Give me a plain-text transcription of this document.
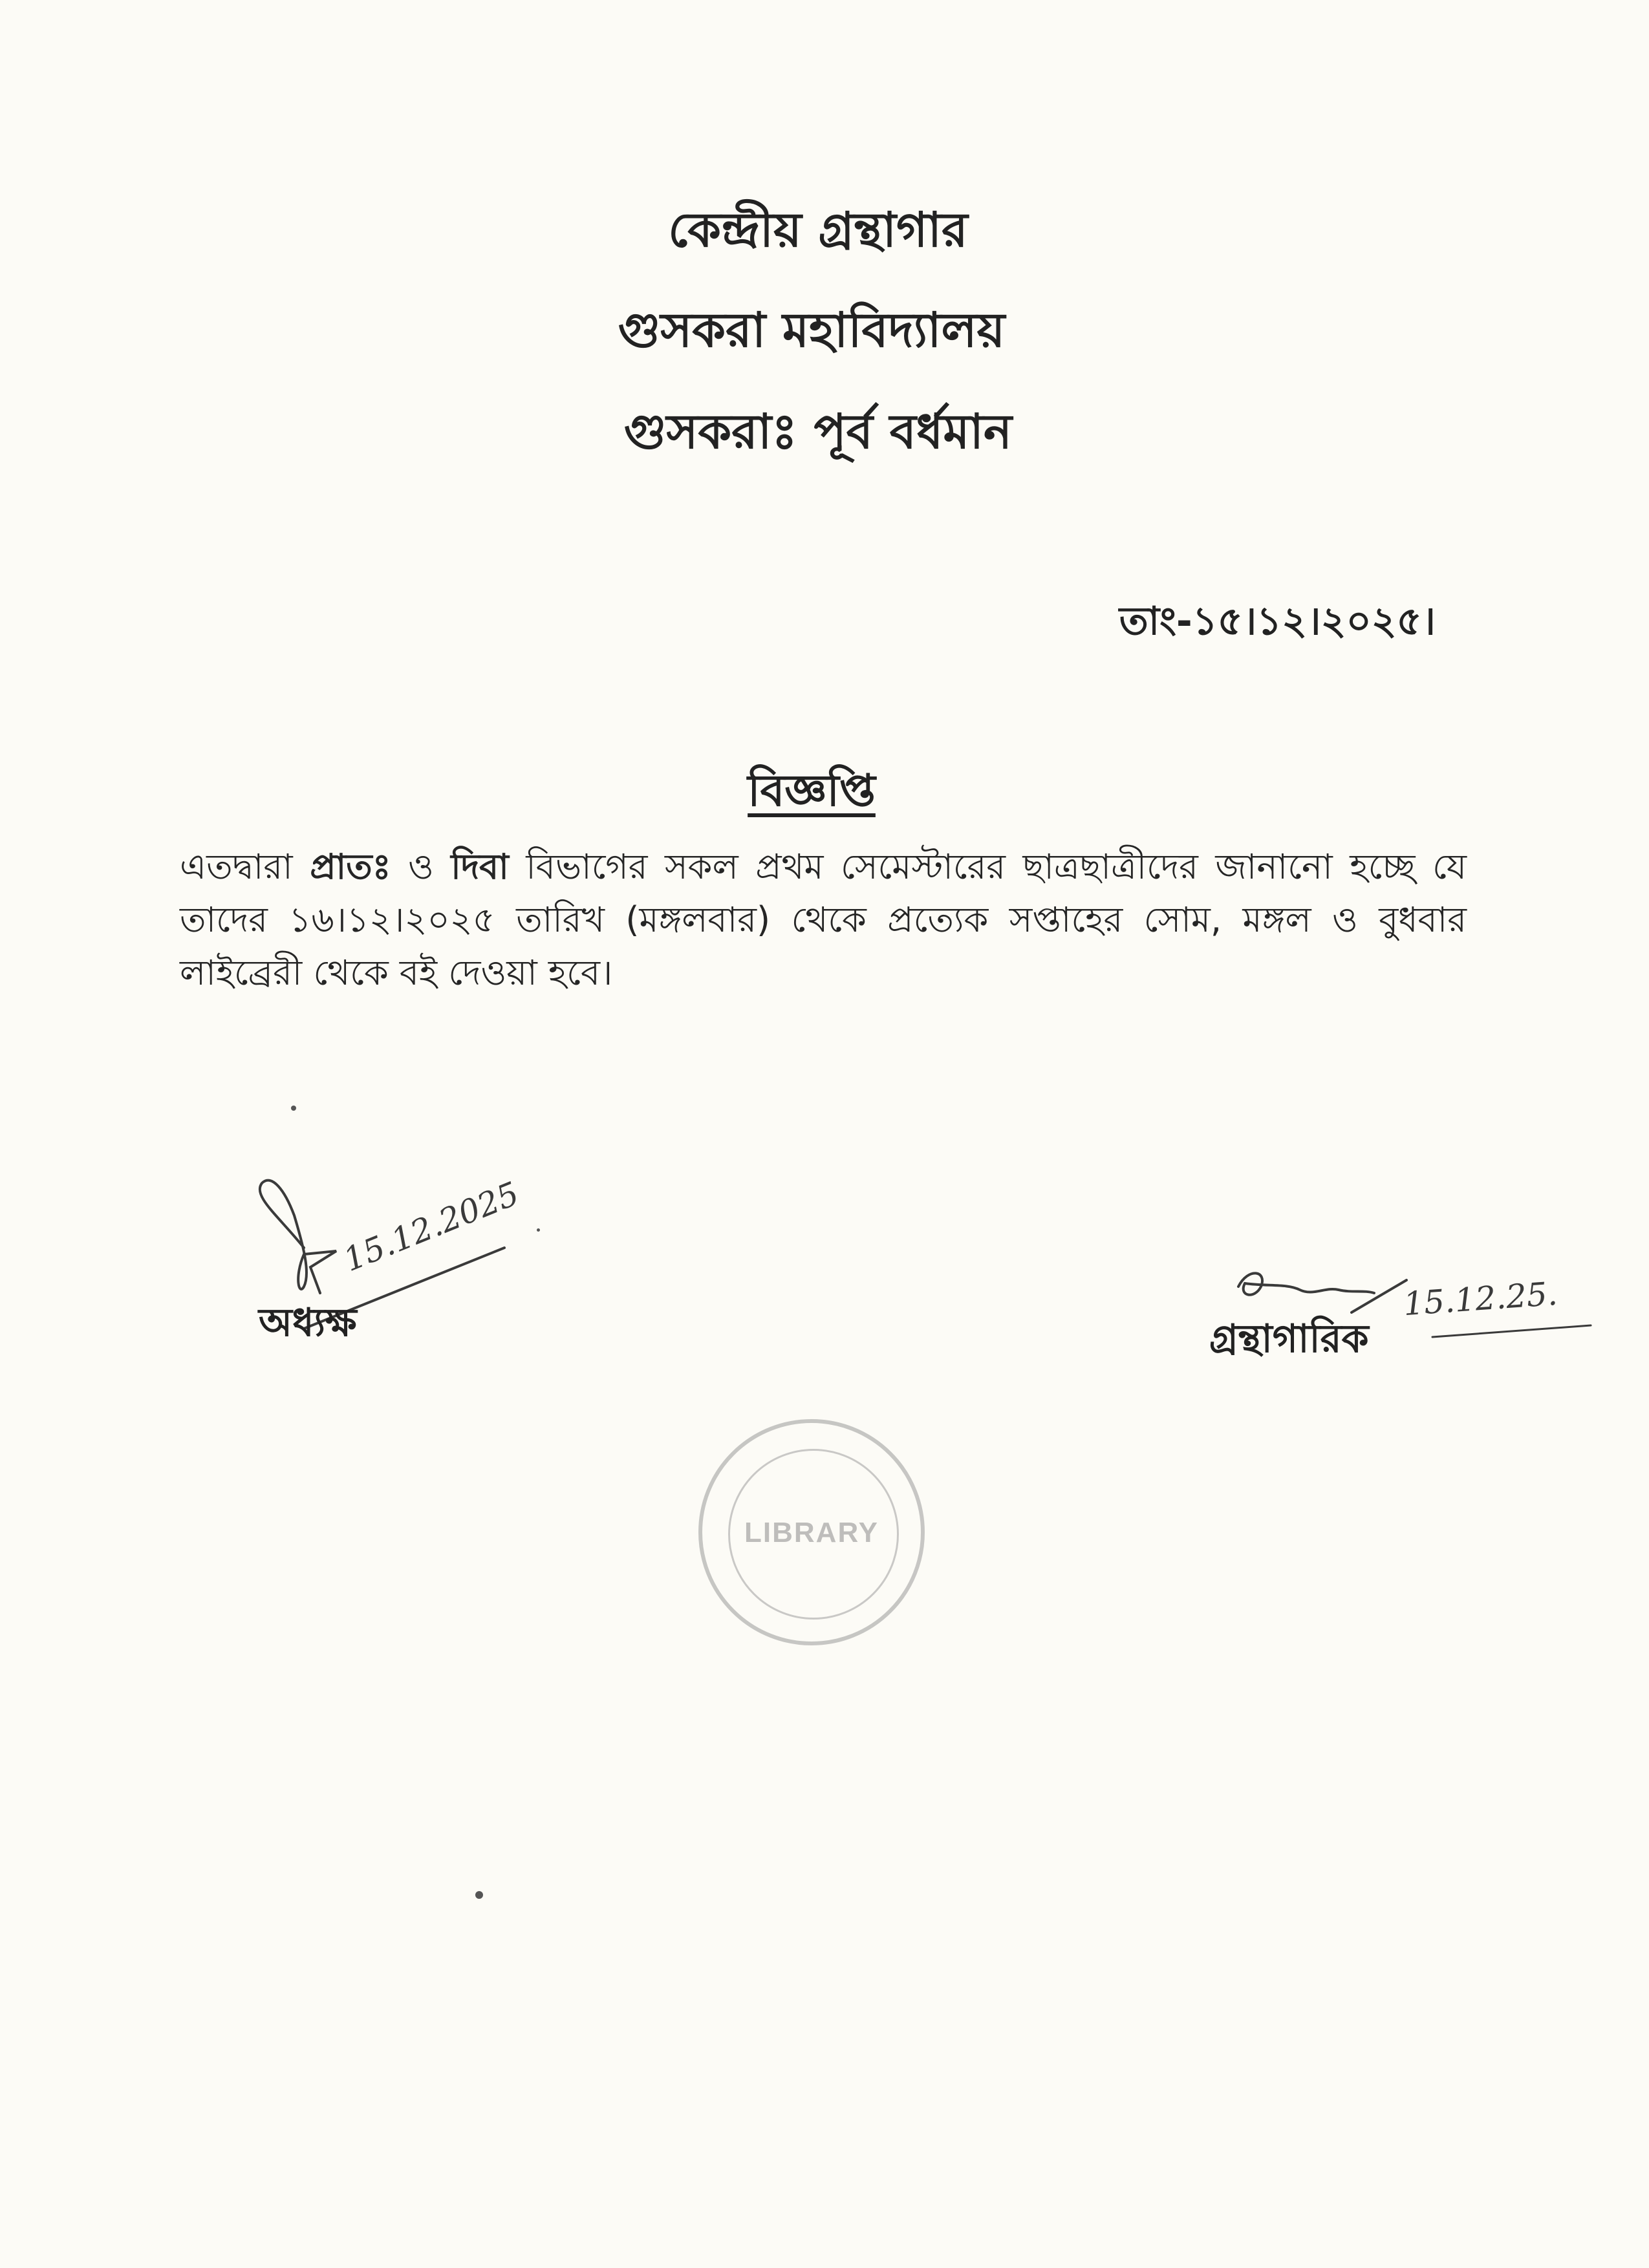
কেন্দ্রীয় গ্রন্থাগার
গুসকরা মহাবিদ্যালয়
গুসকরাঃ পূর্ব বর্ধমান
তাং-১৫।১২।২০২৫।
বিজ্ঞপ্তি
এতদ্বারা প্রাতঃ ও দিবা বিভাগের সকল প্রথম সেমেস্টারের ছাত্রছাত্রীদের জানানো হচ্ছে যে তাদের ১৬।১২।২০২৫ তারিখ (মঙ্গলবার) থেকে প্রত্যেক সপ্তাহের সোম, মঙ্গল ও বুধবার লাইব্রেরী থেকে বই দেওয়া হবে।
15.12.2025
15.12.25.
অধ্যক্ষ	গ্রন্থাগারিক
LIBRARY
